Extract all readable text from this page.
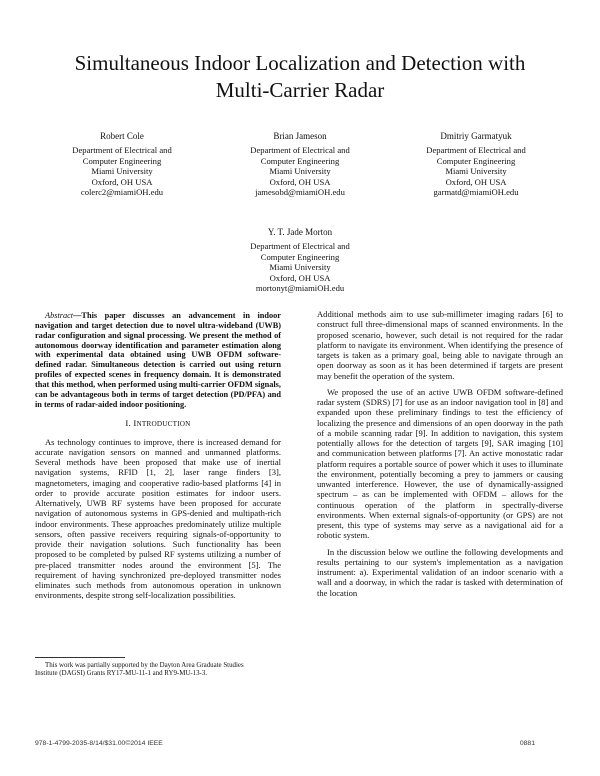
Simultaneous Indoor Localization and Detection with
Multi-Carrier Radar
Robert Cole
Department of Electrical and
Computer Engineering
Miami University
Oxford, OH USA
colerc2@miamiOH.edu
Brian Jameson
Department of Electrical and
Computer Engineering
Miami University
Oxford, OH USA
jamesobd@miamiOH.edu
Dmitriy Garmatyuk
Department of Electrical and
Computer Engineering
Miami University
Oxford, OH USA
garmatd@miamiOH.edu
Y. T. Jade Morton
Department of Electrical and
Computer Engineering
Miami University
Oxford, OH USA
mortonyt@miamiOH.edu

Abstract—This paper discusses an advancement in indoor navigation and target detection due to novel ultra-wideband (UWB) radar configuration and signal processing. We present the method of autonomous doorway identification and parameter estimation along with experimental data obtained using UWB OFDM software-defined radar. Simultaneous detection is carried out using return profiles of expected scenes in frequency domain. It is demonstrated that this method, when performed using multi-carrier OFDM signals, can be advantageous both in terms of target detection (PD/PFA) and in terms of radar-aided indoor positioning.

I. INTRODUCTION

As technology continues to improve, there is increased demand for accurate navigation sensors on manned and unmanned platforms. Several methods have been proposed that make use of inertial navigation systems, RFID [1, 2], laser range finders [3], magnetometers, imaging and cooperative radio-based platforms [4] in order to provide accurate position estimates for indoor users. Alternatively, UWB RF systems have been proposed for accurate navigation of autonomous systems in GPS-denied and multipath-rich indoor environments. These approaches predominately utilize multiple sensors, often passive receivers requiring signals-of-opportunity to provide their navigation solutions. Such functionality has been proposed to be completed by pulsed RF systems utilizing a number of pre-placed transmitter nodes around the environment [5]. The requirement of having synchronized pre-deployed transmitter nodes eliminates such methods from autonomous operation in unknown environments, despite strong self-localization possibilities.

Additional methods aim to use sub-millimeter imaging radars [6] to construct full three-dimensional maps of scanned environments. In the proposed scenario, however, such detail is not required for the radar platform to navigate its environment. When identifying the presence of targets is taken as a primary goal, being able to navigate through an open doorway as soon as it has been determined if targets are present may benefit the operation of the system.

We proposed the use of an active UWB OFDM software-defined radar system (SDRS) [7] for use as an indoor navigation tool in [8] and expanded upon these preliminary findings to test the efficiency of localizing the presence and dimensions of an open doorway in the path of a mobile scanning radar [9]. In addition to navigation, this system potentially allows for the detection of targets [9], SAR imaging [10] and communication between platforms [7]. An active monostatic radar platform requires a portable source of power which it uses to illuminate the environment, potentially becoming a prey to jammers or causing unwanted interference. However, the use of dynamically-assigned spectrum – as can be implemented with OFDM – allows for the continuous operation of the platform in spectrally-diverse environments. When external signals-of-opportunity (or GPS) are not present, this type of systems may serve as a navigational aid for a robotic system.

In the discussion below we outline the following developments and results pertaining to our system's implementation as a navigation instrument: a). Experimental validation of an indoor scenario with a wall and a doorway, in which the radar is tasked with determination of the location

This work was partially supported by the Dayton Area Graduate Studies
Institute (DAGSI) Grants RY17-MU-11-1 and RY9-MU-13-3.
978-1-4799-2035-8/14/$31.00©2014 IEEE	0881
